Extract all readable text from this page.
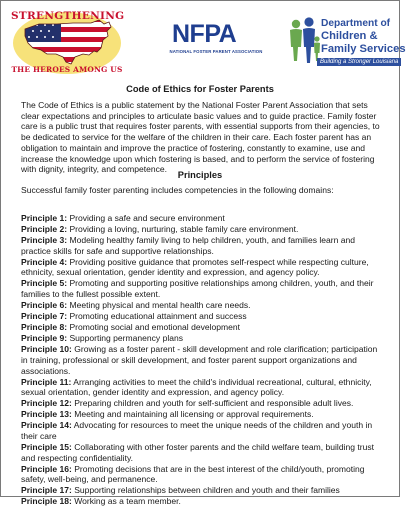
STRENGTHENING
THE HEROES AMONG US
NFPA
NATIONAL FOSTER PARENT ASSOCIATION
Department of
Children &
Family Services
Building a Stronger Louisiana
Code of Ethics for Foster Parents

The Code of Ethics is a public statement by the National Foster Parent Association that sets clear expectations and principles to articulate basic values and to guide practice. Family foster care is a public trust that requires foster parents, with essential supports from their agencies, to be dedicated to service for the welfare of the children in their care. Each foster parent has an obligation to maintain and improve the practice of fostering, constantly to examine, use and increase the knowledge upon which fostering is based, and to perform the service of fostering with dignity, integrity, and competence.

Principles

Successful family foster parenting includes competencies in the following domains:

Principle 1: Providing a safe and secure environment
Principle 2: Providing a loving, nurturing, stable family care environment.
Principle 3: Modeling healthy family living to help children, youth, and families learn and practice skills for safe and supportive relationships.
Principle 4: Providing positive guidance that promotes self-respect while respecting culture, ethnicity, sexual orientation, gender identity and expression, and agency policy.
Principle 5: Promoting and supporting positive relationships among children, youth, and their families to the fullest possible extent.
Principle 6: Meeting physical and mental health care needs.
Principle 7: Promoting educational attainment and success
Principle 8: Promoting social and emotional development
Principle 9: Supporting permanency plans
Principle 10: Growing as a foster parent - skill development and role clarification; participation in training, professional or skill development, and foster parent support organizations and associations.
Principle 11: Arranging activities to meet the child's individual recreational, cultural, ethnicity, sexual orientation, gender identity and expression, and agency policy.
Principle 12: Preparing children and youth for self-sufficient and responsible adult lives.
Principle 13: Meeting and maintaining all licensing or approval requirements.
Principle 14: Advocating for resources to meet the unique needs of the children and youth in their care
Principle 15: Collaborating with other foster parents and the child welfare team, building trust and respecting confidentiality.
Principle 16: Promoting decisions that are in the best interest of the child/youth, promoting safety, well-being, and permanence.
Principle 17: Supporting relationships between children and youth and their families
Principle 18: Working as a team member.
